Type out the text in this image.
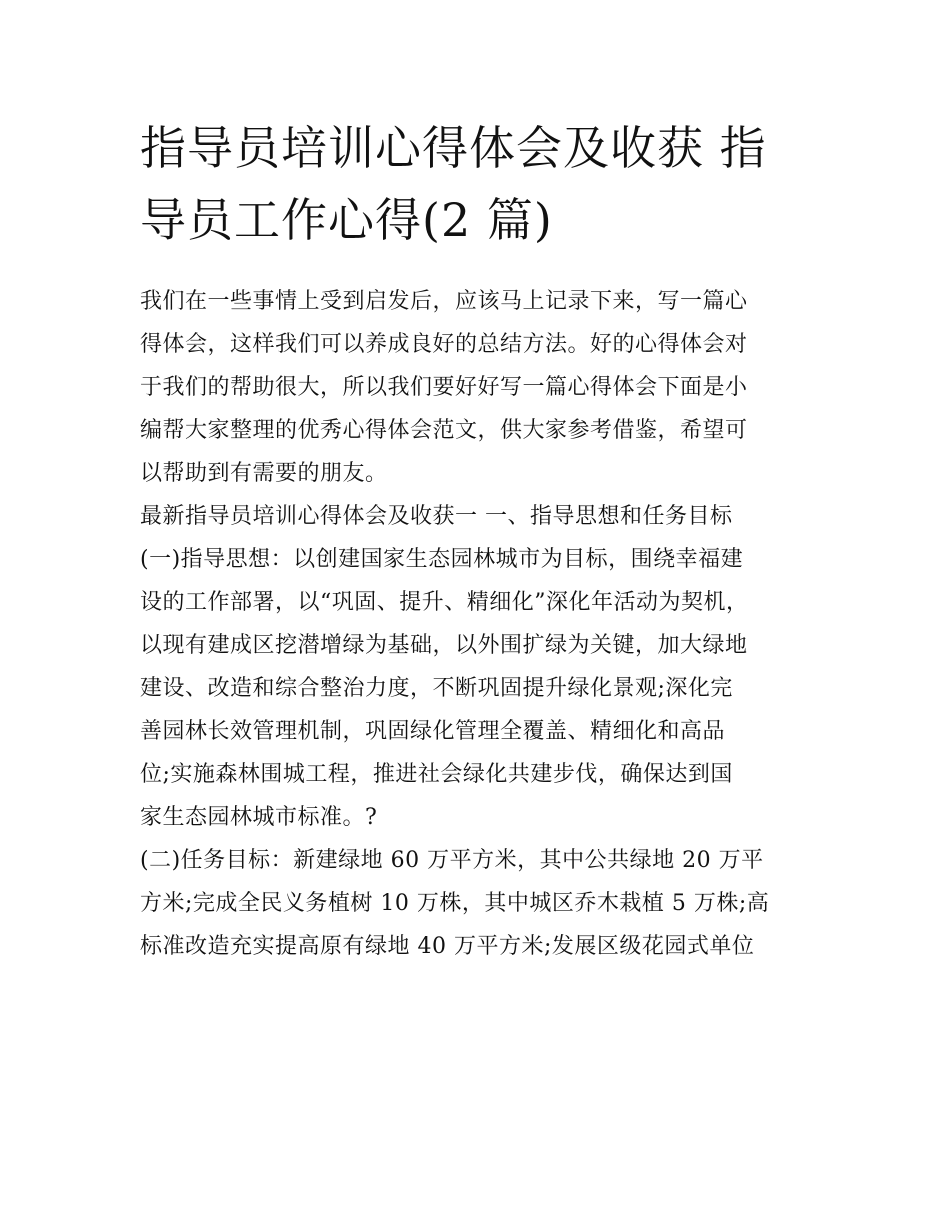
指导员培训心得体会及收获 指
导员工作心得(2 篇)

我们在一些事情上受到启发后，应该马上记录下来，写一篇心
得体会，这样我们可以养成良好的总结方法。好的心得体会对
于我们的帮助很大，所以我们要好好写一篇心得体会下面是小
编帮大家整理的优秀心得体会范文，供大家参考借鉴，希望可
以帮助到有需要的朋友。

最新指导员培训心得体会及收获一 一、指导思想和任务目标

(一)指导思想：以创建国家生态园林城市为目标，围绕幸福建
设的工作部署，以“巩固、提升、精细化”深化年活动为契机，
以现有建成区挖潜增绿为基础，以外围扩绿为关键，加大绿地
建设、改造和综合整治力度，不断巩固提升绿化景观;深化完
善园林长效管理机制，巩固绿化管理全覆盖、精细化和高品
位;实施森林围城工程，推进社会绿化共建步伐，确保达到国
家生态园林城市标准。?

(二)任务目标：新建绿地 60 万平方米，其中公共绿地 20 万平
方米;完成全民义务植树 10 万株，其中城区乔木栽植 5 万株;高
标准改造充实提高原有绿地 40 万平方米;发展区级花园式单位
